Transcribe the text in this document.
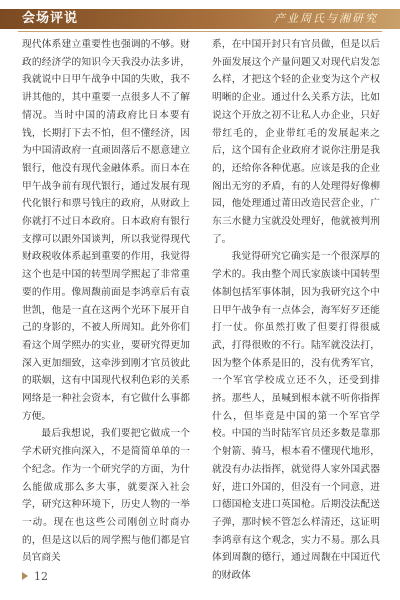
会场评说	产业周氏与湘研究

现代体系建立重要性也强调的不够。财政的经济学的知识今天我没办法多讲，我就说中日甲午战争中国的失败，我不讲其他的，其中重要一点很多人不了解情况。当时中国的清政府比日本要有钱，长期打下去不怕，但不懂经济，因为中国清政府一直顽固落后不愿意建立银行，他没有现代金融体系。而日本在甲午战争前有现代银行，通过发展有现代化银行和票号钱庄的政府，从财政上你就打不过日本政府。日本政府有银行支撑可以跟外国谈判，所以我觉得现代财政税收体系起到重要的作用，我觉得这个也是中国的转型周学熙起了非常重要的作用。像周馥前面是李鸿章后有袁世凯，他是一直在这两个光环下展开自己的身影的，不被人所周知。此外你们看这个周学熙办的实业，要研究得更加深入更加细致，这牵涉到刚才官员彼此的联姻，这有中国现代权利色彩的关系网络是一种社会资本，有它做什么事都方便。

最后我想说，我们要把它做成一个学术研究推向深入，不是简简单单的一个纪念。作为一个研究学的方面，为什么能做成那么多大事，就要深入社会学，研究这种环境下，历史人物的一举一动。现在也这些公司刚创立时商办的，但是这以后的周学熙与他们都是官员官商关

系，在中国开封只有官员做，但是以后外面发展这个产量问题又对现代启发怎么样，才把这个轻的企业变为这个产权明晰的企业。通过什么关系方法，比如说这个开放之初不让私人办企业，只好带红毛的，企业带红毛的发展起来之后，这个国有企业政府才说你注册是我的，还给你各种优惠。应该是我的企业阁出无穷的矛盾，有的人处理得好像柳园，他处理通过莆田改造民营企业，广东三水健力宝就没处理好，他就被判刑了。

我觉得研究它确实是一个很深厚的学术的。我由整个周氏家族谈中国转型体制包括军事体制，因为我研究这个中日甲午战争有一点体会，海军好歹还能打一仗。你虽然打败了但要打得很威武，打得很败的不行。陆军就没法打，因为整个体系是旧的，没有优秀军官，一个军官学校成立还不久，还受到排挤。那些人，虽喊到根本就不听你指挥什么，但毕竟是中国的第一个军官学校。中国的当时陆军官员还多数是靠那个射箭、骑马，根本看不懂现代地形，就没有办法指挥，就觉得人家外国武器好，进口外国的，但没有一个同意，进口德国枪支进口英国枪。后期没法配送子弹，那时候不管怎么样清还，这证明李鸿章有这个观念，实力不易。那么具体到周馥的德行，通过周馥在中国近代的财政体

12
